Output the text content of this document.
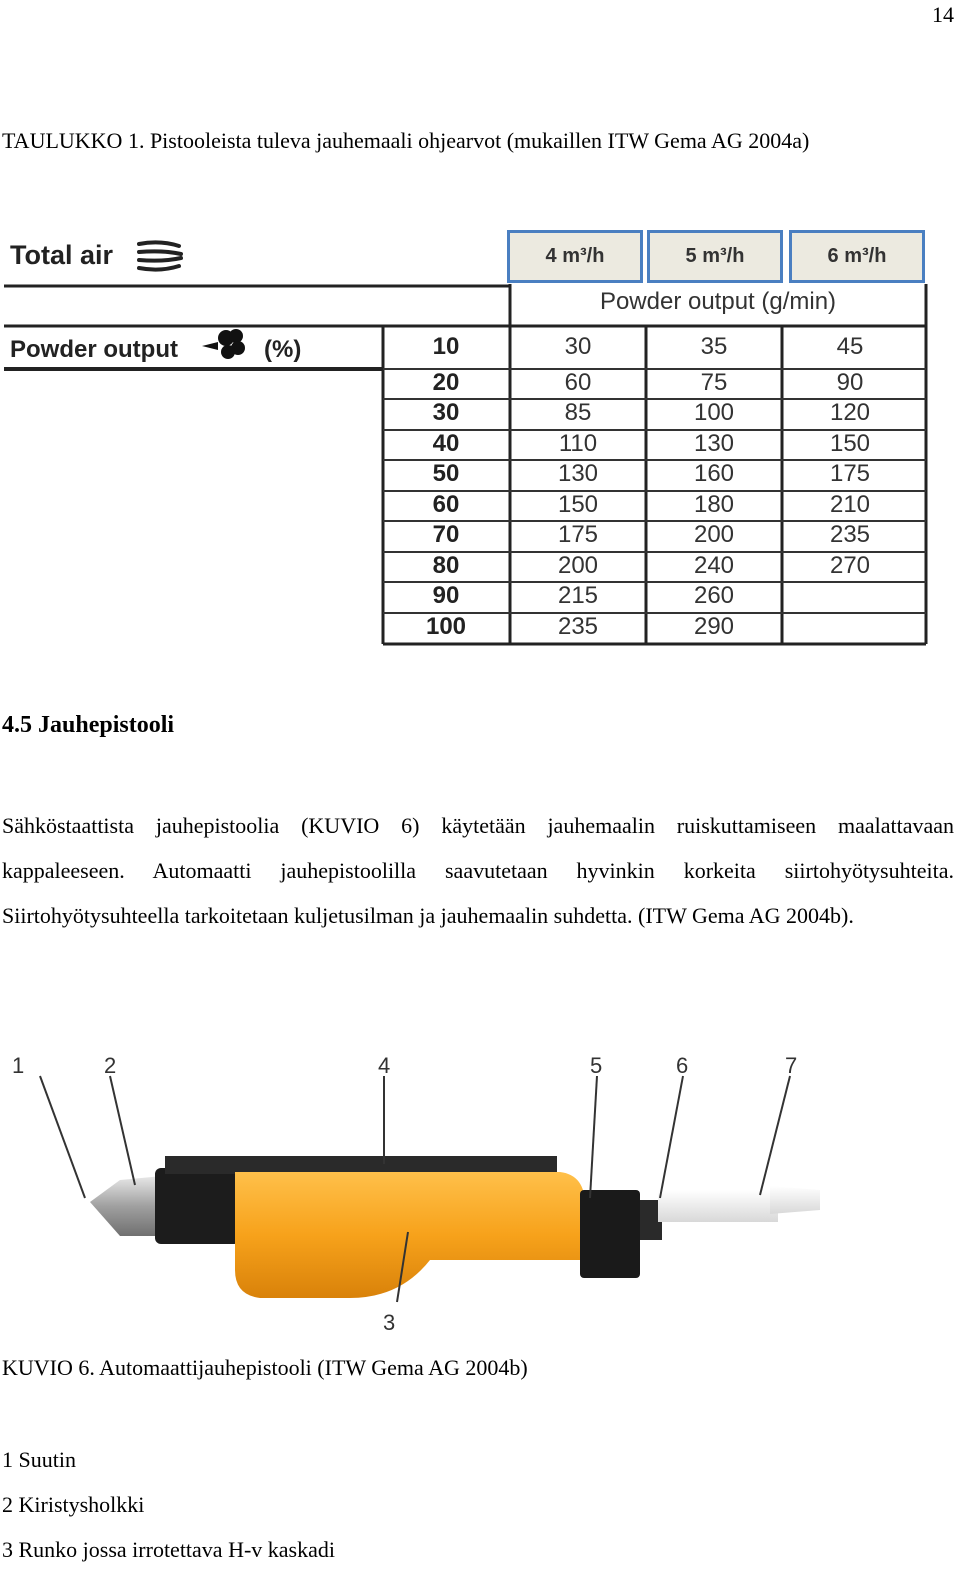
14
TAULUKKO 1. Pistooleista tuleva jauhemaali ohjearvot (mukaillen ITW Gema AG 2004a)
Total air
Powder output	(%)
4 m³/h	5 m³/h	6 m³/h
Powder output (g/min)
10	30	35	45
20	60	75	90
30	85	100	120
40	110	130	150
50	130	160	175
60	150	180	210
70	175	200	235
80	200	240	270
90	215	260
100	235	290
4.5 Jauhepistooli
Sähköstaattista jauhepistoolia (KUVIO 6) käytetään jauhemaalin ruiskuttamiseen maalattavaan kappaleeseen. Automaatti jauhepistoolilla saavutetaan hyvinkin korkeita siirtohyötysuhteita. Siirtohyötysuhteella tarkoitetaan kuljetusilman ja jauhemaalin suhdetta. (ITW Gema AG 2004b).
1	2	4	5	6	7
3
KUVIO 6. Automaattijauhepistooli (ITW Gema AG 2004b)
1 Suutin
2 Kiristysholkki
3 Runko jossa irrotettava H-v kaskadi
